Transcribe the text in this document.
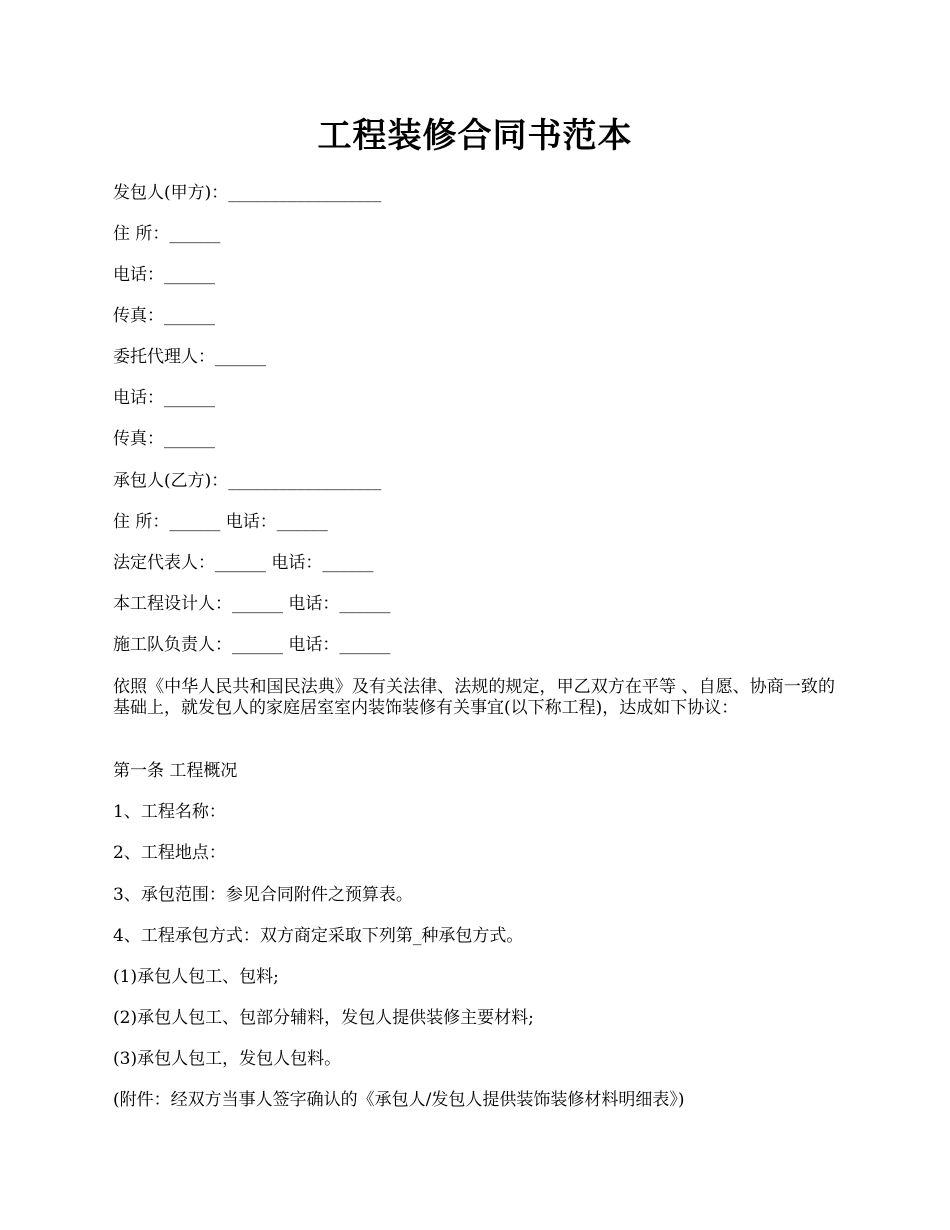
工程装修合同书范本
发包人(甲方)：__________________
住 所：______
电话：______
传真：______
委托代理人：______
电话：______
传真：______
承包人(乙方)：__________________
住 所：______ 电话：______
法定代表人：______ 电话：______
本工程设计人：______ 电话：______
施工队负责人：______ 电话：______
依照《中华人民共和国民法典》及有关法律、法规的规定，甲乙双方在平等 、自愿、协商一致的基础上，就发包人的家庭居室室内装饰装修有关事宜(以下称工程)，达成如下协议：
第一条 工程概况
1、工程名称：
2、工程地点：
3、承包范围：参见合同附件之预算表。
4、工程承包方式：双方商定采取下列第_种承包方式。
(1)承包人包工、包料;
(2)承包人包工、包部分辅料，发包人提供装修主要材料;
(3)承包人包工，发包人包料。
(附件：经双方当事人签字确认的《承包人/发包人提供装饰装修材料明细表》)
